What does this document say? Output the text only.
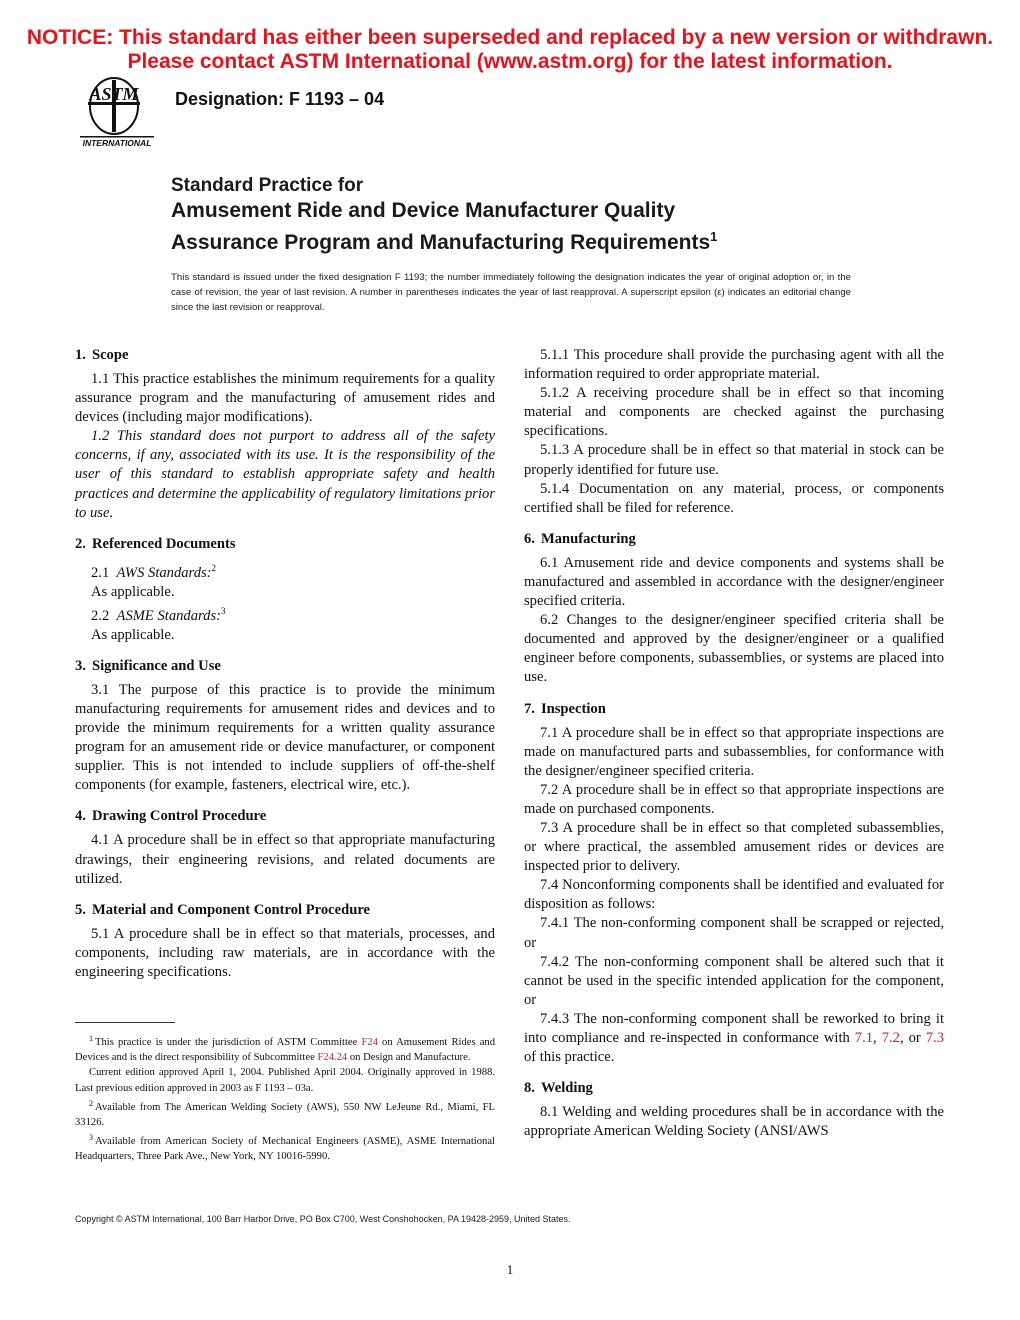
NOTICE: This standard has either been superseded and replaced by a new version or withdrawn.
Please contact ASTM International (www.astm.org) for the latest information.
ASTM
INTERNATIONAL
Designation: F 1193 – 04
Standard Practice for
Amusement Ride and Device Manufacturer Quality
Assurance Program and Manufacturing Requirements$^1$
This standard is issued under the fixed designation F 1193; the number immediately following the designation indicates the year of original adoption or, in the case of revision, the year of last revision. A number in parentheses indicates the year of last reapproval. A superscript epsilon (ε) indicates an editorial change since the last revision or reapproval.
1. Scope

1.1 This practice establishes the minimum requirements for a quality assurance program and the manufacturing of amusement rides and devices (including major modifications).

1.2 This standard does not purport to address all of the safety concerns, if any, associated with its use. It is the responsibility of the user of this standard to establish appropriate safety and health practices and determine the applicability of regulatory limitations prior to use.

2. Referenced Documents

2.1 AWS Standards:$^2$

As applicable.

2.2 ASME Standards:$^3$

As applicable.

3. Significance and Use

3.1 The purpose of this practice is to provide the minimum manufacturing requirements for amusement rides and devices and to provide the minimum requirements for a written quality assurance program for an amusement ride or device manufacturer, or component supplier. This is not intended to include suppliers of off-the-shelf components (for example, fasteners, electrical wire, etc.).

4. Drawing Control Procedure

4.1 A procedure shall be in effect so that appropriate manufacturing drawings, their engineering revisions, and related documents are utilized.

5. Material and Component Control Procedure

5.1 A procedure shall be in effect so that materials, processes, and components, including raw materials, are in accordance with the engineering specifications.

$^1$ This practice is under the jurisdiction of ASTM Committee F24 on Amusement Rides and Devices and is the direct responsibility of Subcommittee F24.24 on Design and Manufacture.

Current edition approved April 1, 2004. Published April 2004. Originally approved in 1988. Last previous edition approved in 2003 as F 1193 – 03a.

$^2$ Available from The American Welding Society (AWS), 550 NW LeJeune Rd., Miami, FL 33126.

$^3$ Available from American Society of Mechanical Engineers (ASME), ASME International Headquarters, Three Park Ave., New York, NY 10016-5990.

5.1.1 This procedure shall provide the purchasing agent with all the information required to order appropriate material.

5.1.2 A receiving procedure shall be in effect so that incoming material and components are checked against the purchasing specifications.

5.1.3 A procedure shall be in effect so that material in stock can be properly identified for future use.

5.1.4 Documentation on any material, process, or components certified shall be filed for reference.

6. Manufacturing

6.1 Amusement ride and device components and systems shall be manufactured and assembled in accordance with the designer/engineer specified criteria.

6.2 Changes to the designer/engineer specified criteria shall be documented and approved by the designer/engineer or a qualified engineer before components, subassemblies, or systems are placed into use.

7. Inspection

7.1 A procedure shall be in effect so that appropriate inspections are made on manufactured parts and subassemblies, for conformance with the designer/engineer specified criteria.

7.2 A procedure shall be in effect so that appropriate inspections are made on purchased components.

7.3 A procedure shall be in effect so that completed subassemblies, or where practical, the assembled amusement rides or devices are inspected prior to delivery.

7.4 Nonconforming components shall be identified and evaluated for disposition as follows:

7.4.1 The non-conforming component shall be scrapped or rejected, or

7.4.2 The non-conforming component shall be altered such that it cannot be used in the specific intended application for the component, or

7.4.3 The non-conforming component shall be reworked to bring it into compliance and re-inspected in conformance with 7.1, 7.2, or 7.3 of this practice.

8. Welding

8.1 Welding and welding procedures shall be in accordance with the appropriate American Welding Society (ANSI/AWS

Copyright © ASTM International, 100 Barr Harbor Drive, PO Box C700, West Conshohocken, PA 19428-2959, United States.
1
